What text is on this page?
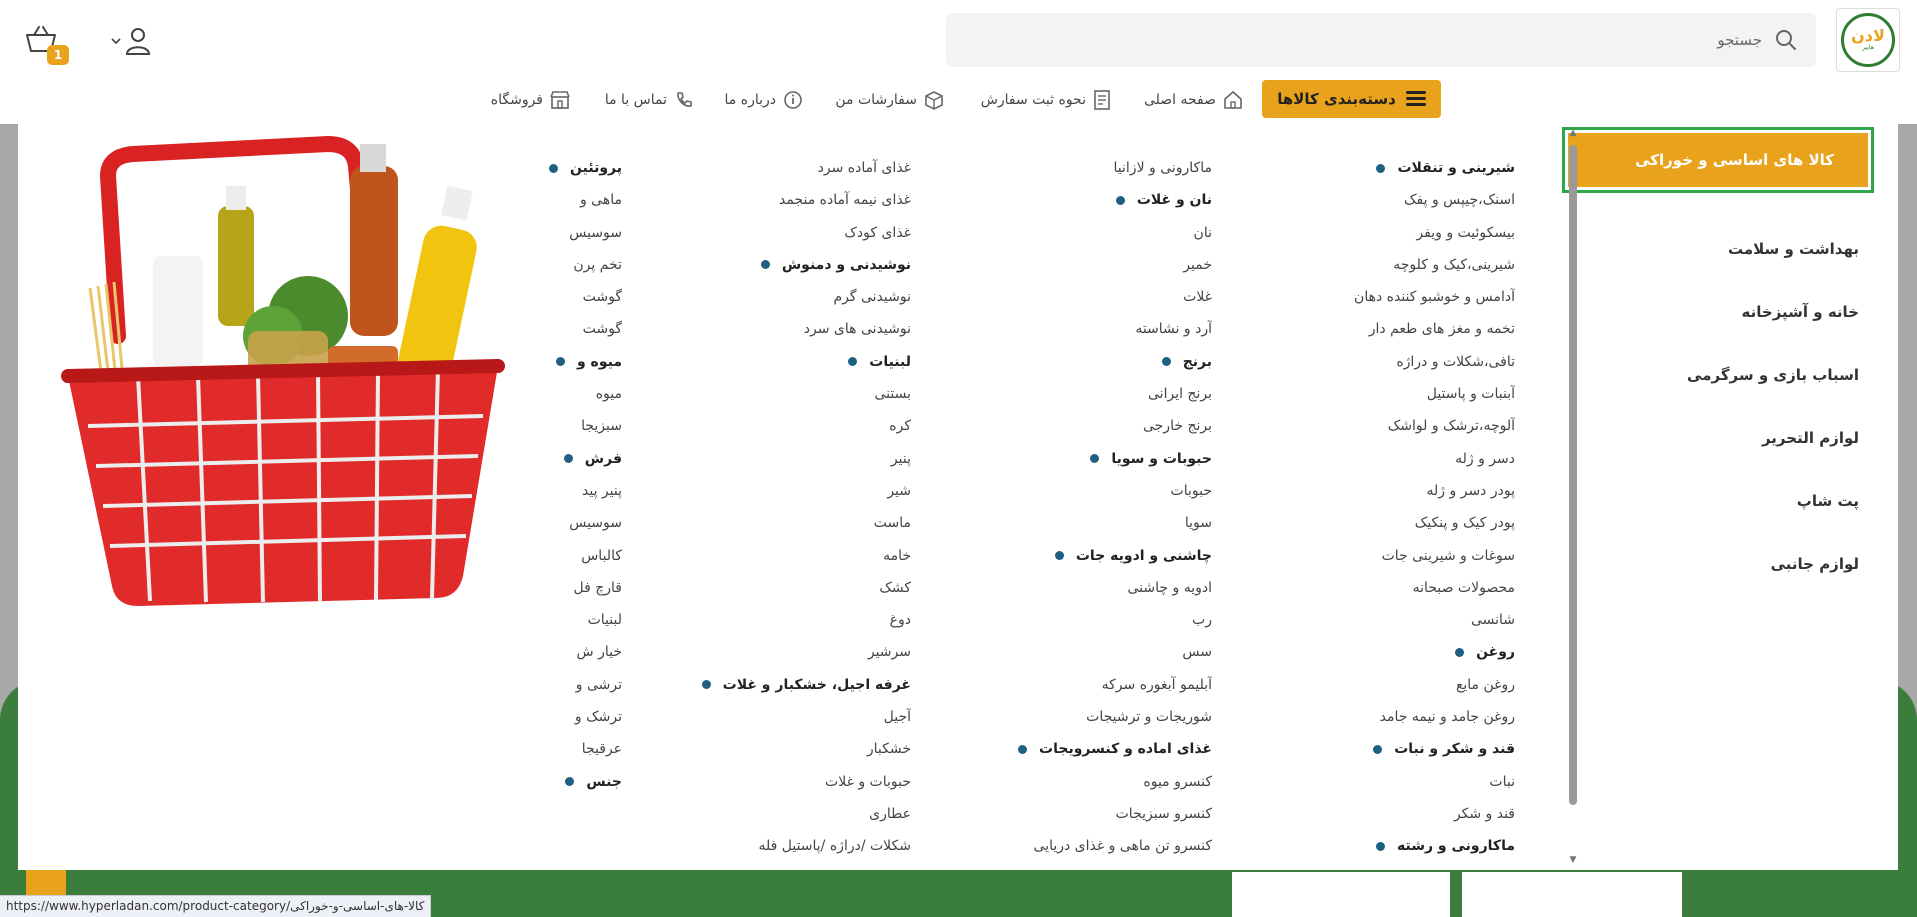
لادن
هایپر
جستجو
1
دسته‌بندی کالاها
صفحه اصلی
نحوه ثبت سفارش
سفارشات من
درباره ما
تماس با ما
فروشگاه
شیرینی و تنقلات
اسنک،چیپس و پفک
بیسکوئیت و ویفر
شیرینی،کیک و کلوچه
آدامس و خوشبو کننده دهان
تخمه و مغز های طعم دار
تافی،شکلات و دراژه
آبنبات و پاستیل
آلوچه،ترشک و لواشک
دسر و ژله
پودر دسر و ژله
پودر کیک و پنکیک
سوغات و شیرینی جات
محصولات صبحانه
شانسی
روغن
روغن مایع
روغن جامد و نیمه جامد
قند و شکر و نبات
نبات
قند و شکر
ماکارونی و رشته
ماکارونی و لازانیا
نان و غلات
نان
خمیر
غلات
آرد و نشاسته
برنج
برنج ایرانی
برنج خارجی
حبوبات و سویا
حبوبات
سویا
چاشنی و ادویه جات
ادویه و چاشنی
رب
سس
آبلیمو آبغوره سرکه
شوریجات و ترشیجات
غذای اماده و کنسرویجات
کنسرو میوه
کنسرو سبزیجات
کنسرو تن ماهی و غذای دریایی
غذای آماده سرد
غذای نیمه آماده منجمد
غذای کودک
نوشیدنی و دمنوش
نوشیدنی گرم
نوشیدنی های سرد
لبنیات
بستنی
کره
پنیر
شیر
ماست
خامه
کشک
دوغ
سرشیر
غرفه اجیل، خشکبار و غلات
آجیل
خشکبار
حبوبات و غلات
عطاری
شکلات /دراژه /پاستیل فله
پروتئین
ماهی و
سوسیس
تخم پرن
گوشت
گوشت
میوه و
میوه
سبزیجا
فرش
پنیر پید
سوسیس
کالباس
قارچ فل
لبنیات
خیار ش
ترشی و
ترشک و
عرقیجا
جنس
کالا های اساسی و خوراکی
بهداشت و سلامت
خانه و آشپزخانه
اسباب بازی و سرگرمی
لوازم التحریر
پت شاپ
لوازم جانبی
▲
▼
https://www.hyperladan.com/product-category/کالا-های-اساسی-و-خوراکی
